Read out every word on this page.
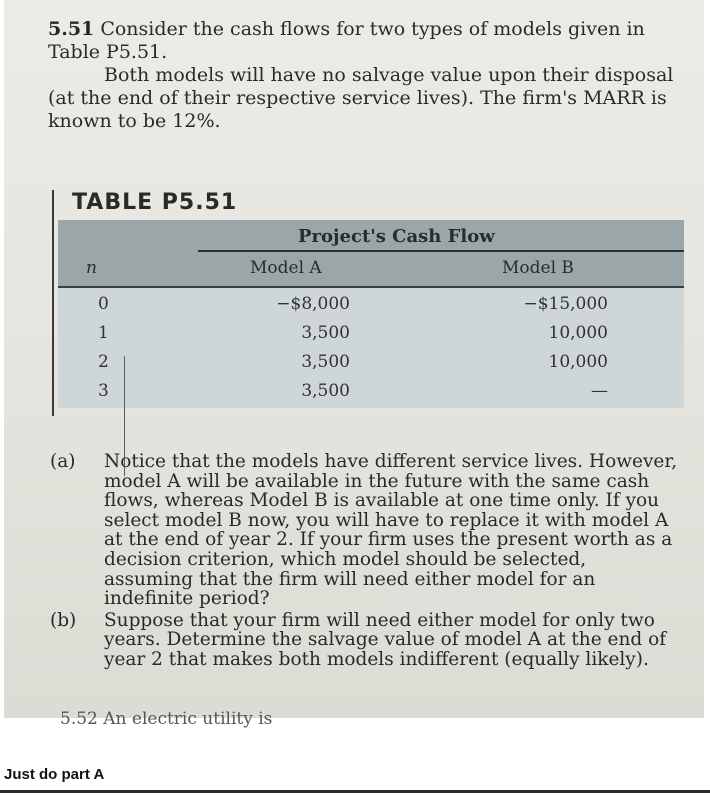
5.51 Consider the cash flows for two types of models given in Table P5.51.

Both models will have no salvage value upon their disposal (at the end of their respective service lives). The firm's MARR is known to be 12%.

TABLE P5.51
Project's Cash Flow
n	Model A	Model B
0	−$8,000	−$15,000
1	3,500	10,000
2	3,500	10,000
3	3,500	—
(a) Notice that the models have different service lives. However, model A will be available in the future with the same cash flows, whereas Model B is available at one time only. If you select model B now, you will have to replace it with model A at the end of year 2. If your firm uses the present worth as a decision criterion, which model should be selected, assuming that the firm will need either model for an indefinite period?
(b) Suppose that your firm will need either model for only two years. Determine the salvage value of model A at the end of year 2 that makes both models indifferent (equally likely).
5.52 An electric utility is
Just do part A
